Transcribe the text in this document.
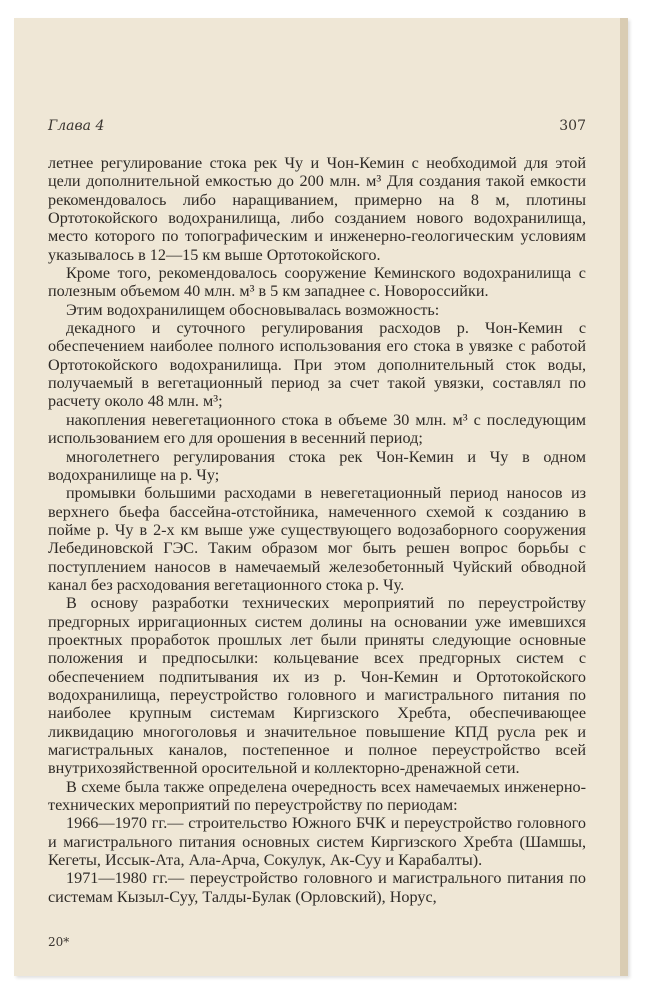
Глава 4	307

летнее регулирование стока рек Чу и Чон-Кемин с необходимой для этой цели дополнительной емкостью до 200 млн. м³ Для создания такой емкости рекомендовалось либо наращиванием, примерно на 8 м, плотины Ортотокойского водохранилища, либо созданием нового водохранилища, место которого по топографическим и инженерно-геологическим условиям указывалось в 12—15 км выше Ортотокойского.

Кроме того, рекомендовалось сооружение Кеминского водохранилища с полезным объемом 40 млн. м³ в 5 км западнее с. Новороссийки.

Этим водохранилищем обосновывалась возможность:

декадного и суточного регулирования расходов р. Чон-Кемин с обеспечением наиболее полного использования его стока в увязке с работой Ортотокойского водохранилища. При этом дополнительный сток воды, получаемый в вегетационный период за счет такой увязки, составлял по расчету около 48 млн. м³;

накопления невегетационного стока в объеме 30 млн. м³ с последующим использованием его для орошения в весенний период;

многолетнего регулирования стока рек Чон-Кемин и Чу в одном водохранилище на р. Чу;

промывки большими расходами в невегетационный период наносов из верхнего бьефа бассейна-отстойника, намеченного схемой к созданию в пойме р. Чу в 2-х км выше уже существующего водозаборного сооружения Лебединовской ГЭС. Таким образом мог быть решен вопрос борьбы с поступлением наносов в намечаемый железобетонный Чуйский обводной канал без расходования вегетационного стока р. Чу.

В основу разработки технических мероприятий по переустройству предгорных ирригационных систем долины на основании уже имевшихся проектных проработок прошлых лет были приняты следующие основные положения и предпосылки: кольцевание всех предгорных систем с обеспечением подпитывания их из р. Чон-Кемин и Ортотокойского водохранилища, переустройство головного и магистрального питания по наиболее крупным системам Киргизского Хребта, обеспечивающее ликвидацию многоголовья и значительное повышение КПД русла рек и магистральных каналов, постепенное и полное переустройство всей внутрихозяйственной оросительной и коллекторно-дренажной сети.

В схеме была также определена очередность всех намечаемых инженерно-технических мероприятий по переустройству по периодам:

1966—1970 гг.— строительство Южного БЧК и переустройство головного и магистрального питания основных систем Киргизского Хребта (Шамшы, Кегеты, Иссык-Ата, Ала-Арча, Сокулук, Ак-Суу и Карабалты).

1971—1980 гг.— переустройство головного и магистрального питания по системам Кызыл-Суу, Талды-Булак (Орловский), Норус,

20*
